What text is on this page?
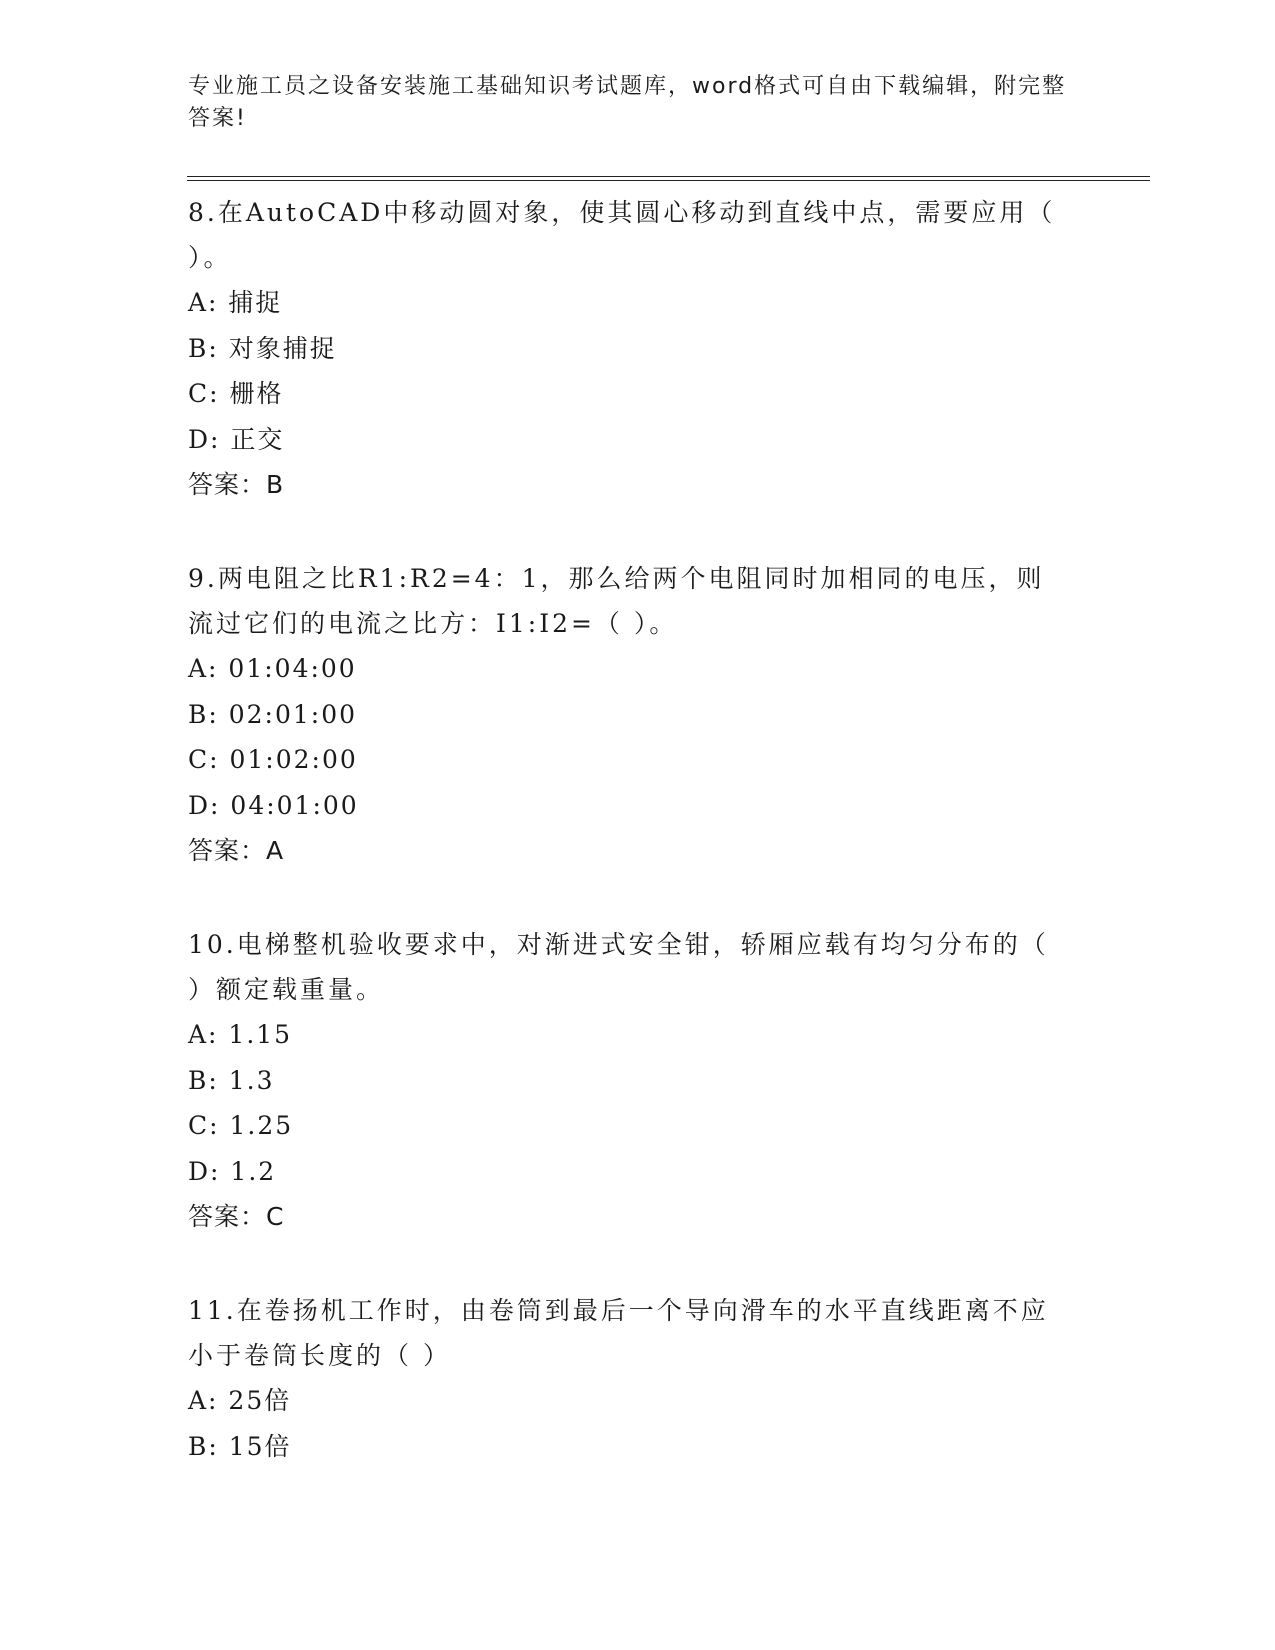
专业施工员之设备安装施工基础知识考试题库，word格式可自由下载编辑，附完整答案!

8.在AutoCAD中移动圆对象，使其圆心移动到直线中点，需要应用（ ）。

A: 捕捉

B: 对象捕捉

C: 栅格

D: 正交

答案：B

9.两电阻之比R1:R2=4：1，那么给两个电阻同时加相同的电压，则流过它们的电流之比方：I1:I2=（ ）。

A: 01:04:00

B: 02:01:00

C: 01:02:00

D: 04:01:00

答案：A

10.电梯整机验收要求中，对渐进式安全钳，轿厢应载有均匀分布的（ ）额定载重量。

A: 1.15

B: 1.3

C: 1.25

D: 1.2

答案：C

11.在卷扬机工作时，由卷筒到最后一个导向滑车的水平直线距离不应小于卷筒长度的（ ）

A: 25倍

B: 15倍
